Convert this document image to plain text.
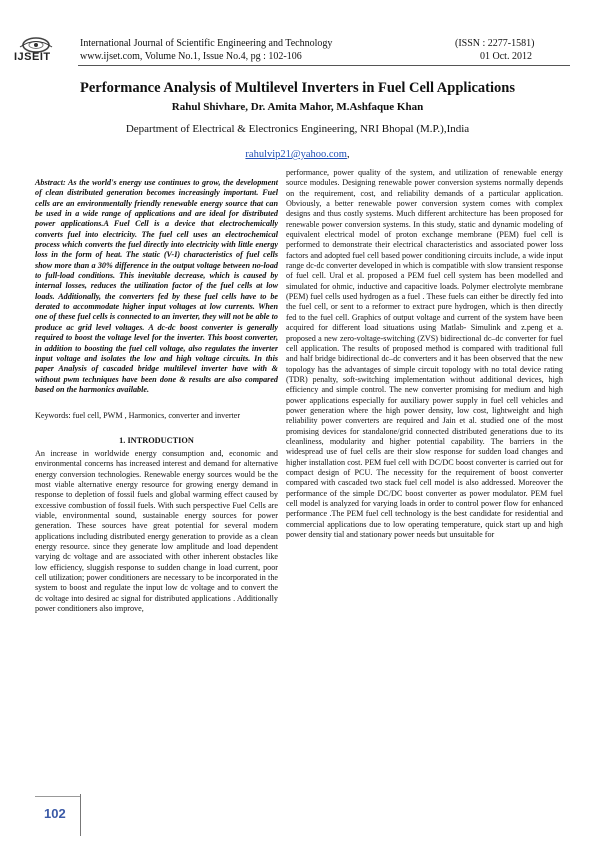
IJSEIT
International Journal of Scientific Engineering and Technology
www.ijset.com, Volume No.1, Issue No.4, pg : 102-106
(ISSN : 2277-1581)
01 Oct. 2012
Performance Analysis of Multilevel Inverters in Fuel Cell Applications
Rahul Shivhare, Dr. Amita Mahor, M.Ashfaque Khan
Department of Electrical & Electronics Engineering, NRI Bhopal (M.P.),India
rahulvip21@yahoo.com,

Abstract: As the world's energy use continues to grow, the development of clean distributed generation becomes increasingly important. Fuel cells are an environmentally friendly renewable energy source that can be used in a wide range of applications and are ideal for distributed power applications.A Fuel Cell is a device that electrochemically converts fuel into electricity. The fuel cell uses an electrochemical process which converts the fuel directly into electricity with little energy loss in the form of heat. The static (V-I) characteristics of fuel cells show more than a 30% difference in the output voltage between no-load to full-load conditions. This inevitable decrease, which is caused by internal losses, reduces the utilization factor of the fuel cells at low loads. Additionally, the converters fed by these fuel cells have to be derated to accommodate higher input voltages at low currents. When one of these fuel cells is connected to an inverter, they will not be able to produce ac grid level voltages. A dc-dc boost converter is generally required to boost the voltage level for the inverter. This boost converter, in addition to boosting the fuel cell voltage, also regulates the inverter input voltage and isolates the low and high voltage circuits. In this paper Analysis of cascaded bridge multilevel inverter have with & without pwm techniques have been done & results are also compared based on the harmonics available.

Keywords: fuel cell, PWM , Harmonics, converter and inverter

1. INTRODUCTION

An increase in worldwide energy consumption and, economic and environmental concerns has increased interest and demand for alternative energy conversion technologies. Renewable energy sources would be the most viable alternative energy resource for growing energy demand in response to depletion of fossil fuels and global warming effect caused by excessive combustion of fossil fuels. With such perspective Fuel Cells are viable, environmental sound, sustainable energy sources for power generation. These sources have great potential for several modern applications including distributed energy generation to provide as a clean energy resource. since they generate low amplitude and load dependent varying dc voltage and are associated with other inherent obstacles like low efficiency, sluggish response to sudden change in load current, poor cell utilization; power conditioners are necessary to be incorporated in the system to boost and regulate the input low dc voltage and to convert the dc voltage into desired ac signal for distributed applications . Additionally power conditioners also improve,

performance, power quality of the system, and utilization of renewable energy source modules. Designing renewable power conversion systems normally depends on the requirement, cost, and reliability demands of a particular application. Obviously, a better renewable power conversion system comes with complex designs and thus costly systems. Much different architecture has been proposed for renewable power conversion systems. In this study, static and dynamic modeling of equivalent electrical model of proton exchange membrane (PEM) fuel cell is performed to demonstrate their electrical characteristics and associated power loss factors and adopted fuel cell based power conditioning circuits include, a wide input range dc-dc converter developed in which is compatible with slow transient response of fuel cell. Ural et al. proposed a PEM fuel cell system has been modelled and simulated for ohmic, inductive and capacitive loads. Polymer electrolyte membrane (PEM) fuel cells used hydrogen as a fuel . These fuels can either be directly fed into the fuel cell, or sent to a reformer to extract pure hydrogen, which is then directly fed to the fuel cell. Graphics of output voltage and current of the system have been acquired for different load situations using Matlab- Simulink and z.peng et a. proposed a new zero-voltage-switching (ZVS) bidirectional dc–dc converter for fuel cell application. The results of proposed method is compared with traditional full and half bridge bidirectional dc–dc converters and it has been observed that the new topology has the advantages of simple circuit topology with no total device rating (TDR) penalty, soft-switching implementation without additional devices, high efficiency and simple control. The new converter promising for medium and high power applications especially for auxiliary power supply in fuel cell vehicles and power generation where the high power density, low cost, lightweight and high reliability power converters are required and Jain et al. studied one of the most promising devices for standalone/grid connected distributed generations due to its cleanliness, modularity and higher potential capability. The barriers in the widespread use of fuel cells are their slow response for sudden load changes and higher installation cost. PEM fuel cell with DC/DC boost converter is carried out for compact design of PCU. The necessity for the requirement of boost converter compared with cascaded two stack fuel cell model is also addressed. Moreover the performance of the simple DC/DC boost converter as power modulator. PEM fuel cell model is analyzed for varying loads in order to control power flow for enhanced performance .The PEM fuel cell technology is the best candidate for residential and commercial applications due to low operating temperature, quick start up and high power density tial and stationary power needs but unsuitable for

102
